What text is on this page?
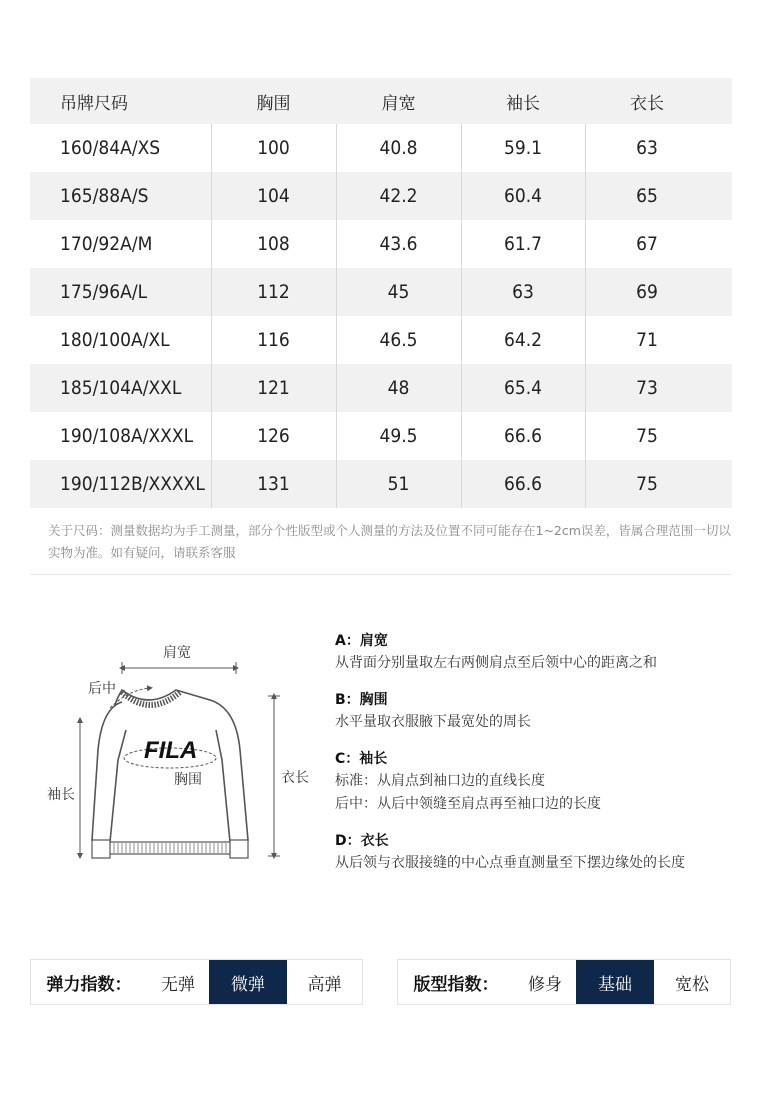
吊牌尺码	胸围	肩宽	袖长	衣长
160/84A/XS	100	40.8	59.1	63
165/88A/S	104	42.2	60.4	65
170/92A/M	108	43.6	61.7	67
175/96A/L	112	45	63	69
180/100A/XL	116	46.5	64.2	71
185/104A/XXL	121	48	65.4	73
190/108A/XXXL	126	49.5	66.6	75
190/112B/XXXXL	131	51	66.6	75
关于尺码：测量数据均为手工测量，部分个性版型或个人测量的方法及位置不同可能存在1~2cm误差，皆属合理范围一切以实物为准。如有疑问，请联系客服
FILA
肩宽
后中
袖长
胸围	衣长
A：肩宽
从背面分别量取左右两侧肩点至后领中心的距离之和
B：胸围
水平量取衣服腋下最宽处的周长
C：袖长
标准：从肩点到袖口边的直线长度
后中：从后中领缝至肩点再至袖口边的长度
D：衣长
从后领与衣服接缝的中心点垂直测量至下摆边缘处的长度
弹力指数：	无弹	微弹	高弹	版型指数：	修身	基础	宽松
